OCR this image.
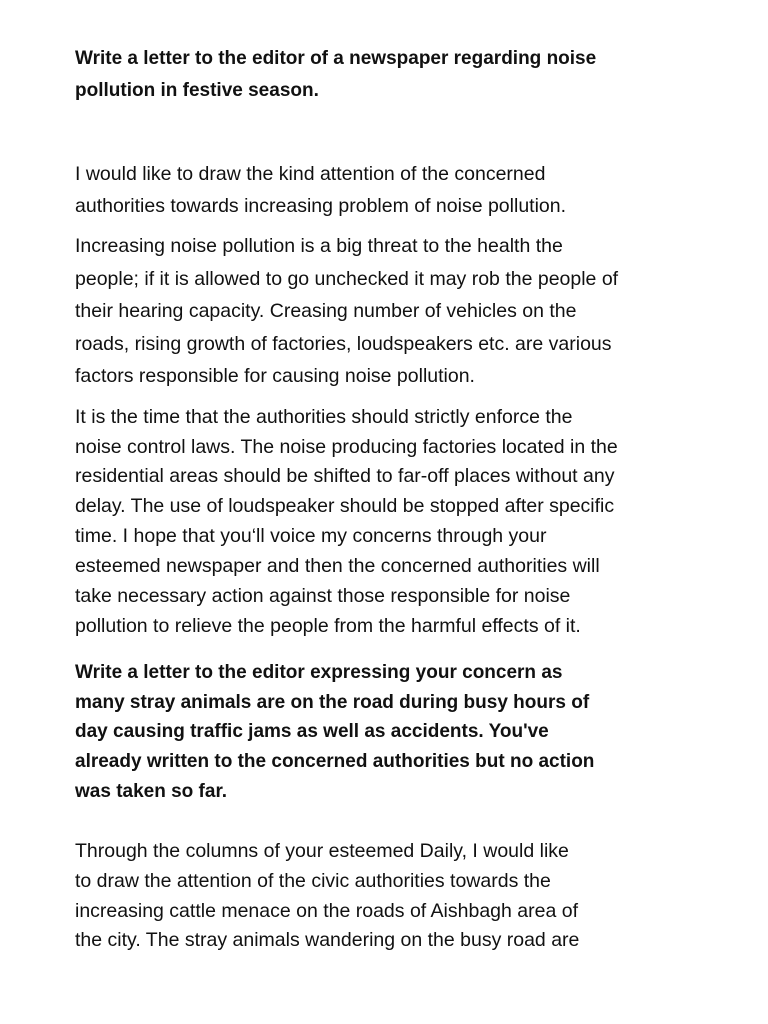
Write a letter to the editor of a newspaper regarding noise
pollution in festive season.
I would like to draw the kind attention of the concerned
authorities towards increasing problem of noise pollution.
Increasing noise pollution is a big threat to the health the
people; if it is allowed to go unchecked it may rob the people of
their hearing capacity. Creasing number of vehicles on the
roads, rising growth of factories, loudspeakers etc. are various
factors responsible for causing noise pollution.
It is the time that the authorities should strictly enforce the
noise control laws. The noise producing factories located in the
residential areas should be shifted to far-off places without any
delay. The use of loudspeaker should be stopped after specific
time. I hope that you‘ll voice my concerns through your
esteemed newspaper and then the concerned authorities will
take necessary action against those responsible for noise
pollution to relieve the people from the harmful effects of it.
Write a letter to the editor expressing your concern as
many stray animals are on the road during busy hours of
day causing traffic jams as well as accidents. You've
already written to the concerned authorities but no action
was taken so far.
Through the columns of your esteemed Daily, I would like
to draw the attention of the civic authorities towards the
increasing cattle menace on the roads of Aishbagh area of
the city. The stray animals wandering on the busy road are
